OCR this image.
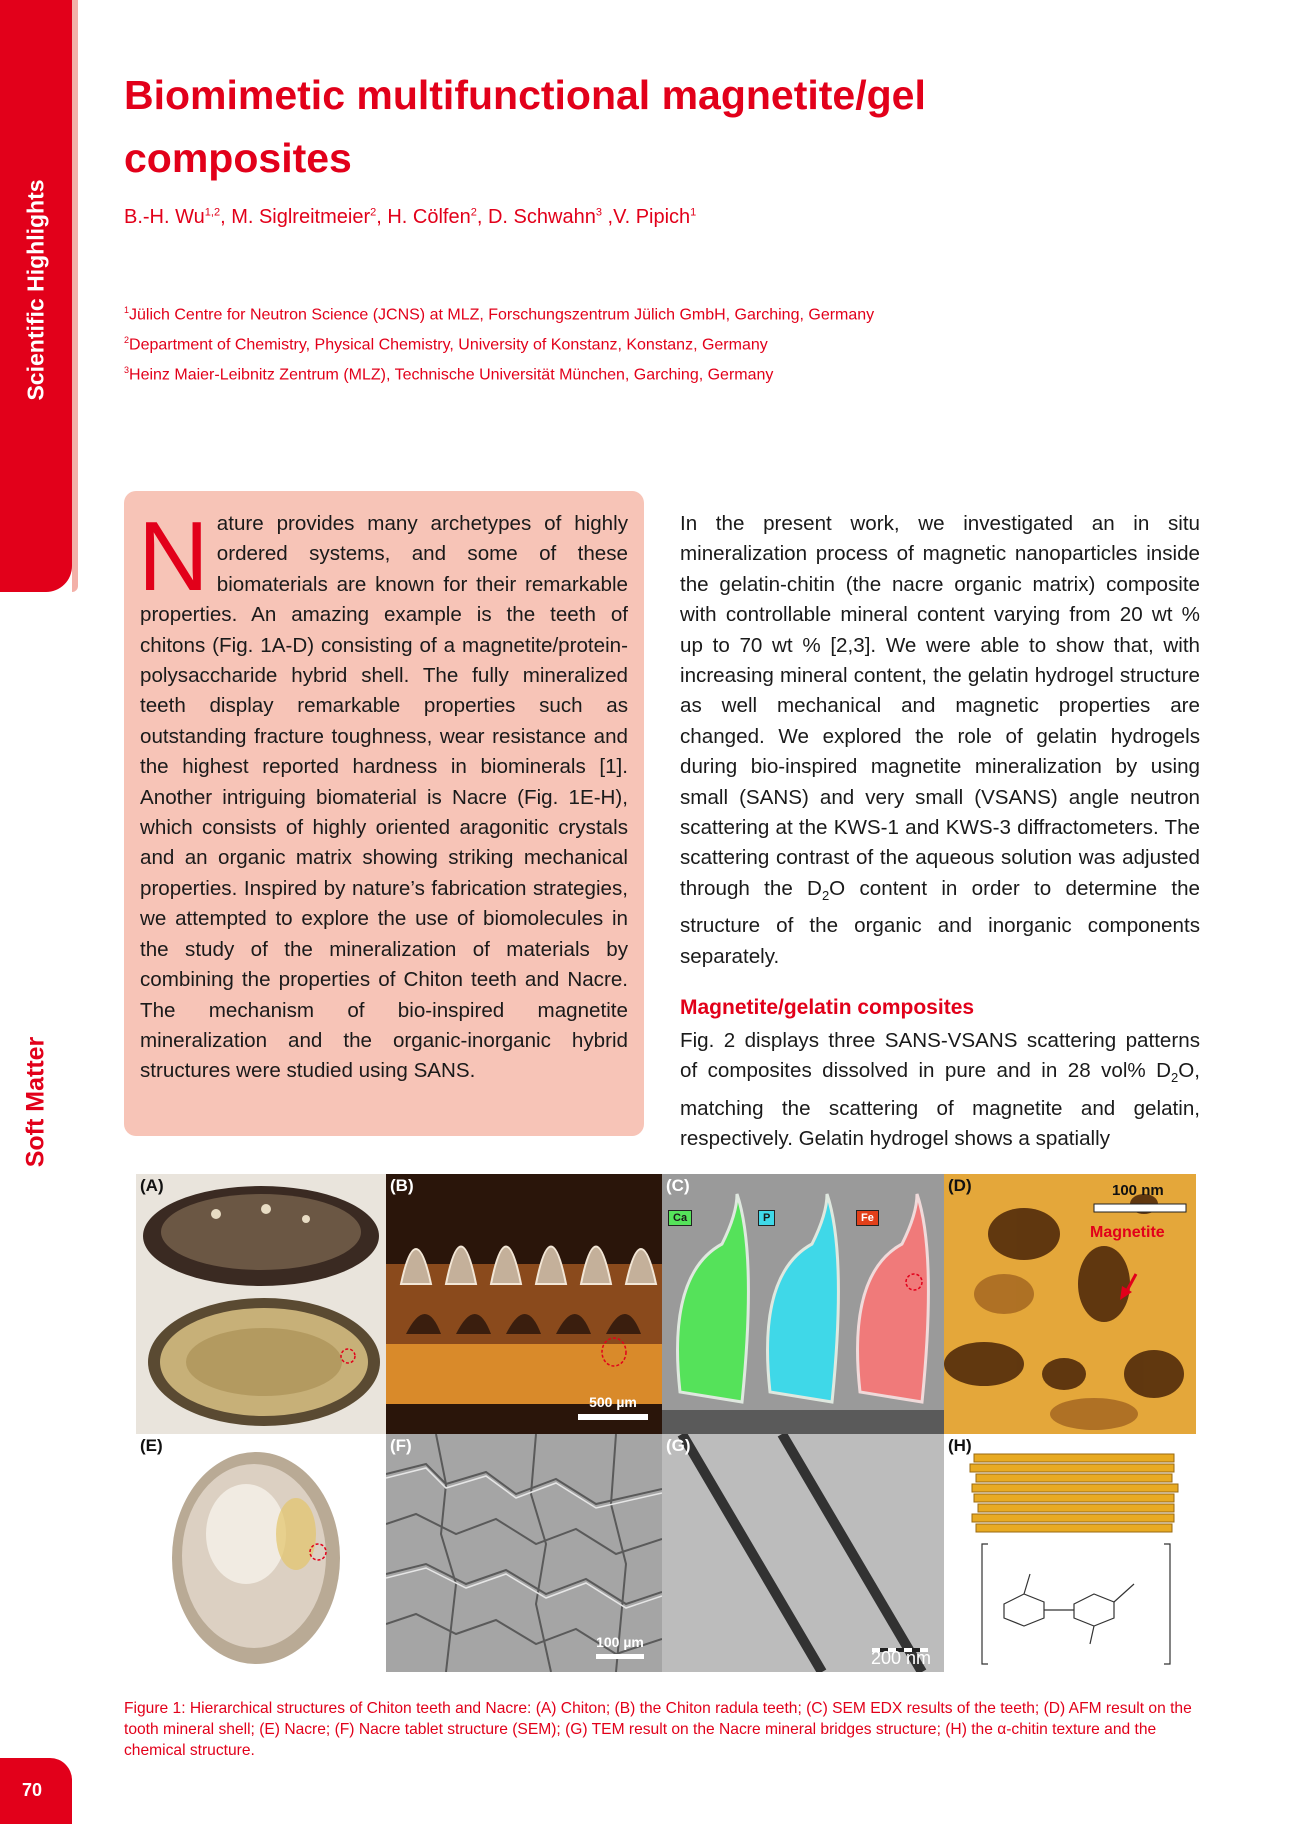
Scientific Highlights
Soft Matter
70
Biomimetic multifunctional magnetite/gel composites
B.-H. Wu$^{1,2}$, M. Siglreitmeier$^2$, H. Cölfen$^2$, D. Schwahn$^3$ ,V. Pipich$^1$
$^1$Jülich Centre for Neutron Science (JCNS) at MLZ, Forschungszentrum Jülich GmbH, Garching, Germany
$^2$Department of Chemistry, Physical Chemistry, University of Konstanz, Konstanz, Germany
$^3$Heinz Maier-Leibnitz Zentrum (MLZ), Technische Universität München, Garching, Germany

Nature provides many archetypes of highly ordered systems, and some of these biomaterials are known for their remarkable properties. An amazing example is the teeth of chitons (Fig. 1A-D) consisting of a magnetite/protein-polysaccharide hybrid shell. The fully mineralized teeth display remarkable properties such as outstanding fracture toughness, wear resistance and the highest reported hardness in biominerals [1]. Another intriguing biomaterial is Nacre (Fig. 1E-H), which consists of highly oriented aragonitic crystals and an organic matrix showing striking mechanical properties. Inspired by nature’s fabrication strategies, we attempted to explore the use of biomolecules in the study of the mineralization of materials by combining the properties of Chiton teeth and Nacre. The mechanism of bio-inspired magnetite mineralization and the organic-inorganic hybrid structures were studied using SANS.

In the present work, we investigated an in situ mineralization process of magnetic nanoparticles inside the gelatin-chitin (the nacre organic matrix) composite with controllable mineral content varying from 20 wt % up to 70 wt % [2,3]. We were able to show that, with increasing mineral content, the gelatin hydrogel structure as well mechanical and magnetic properties are changed. We explored the role of gelatin hydrogels during bio-inspired magnetite mineralization by using small (SANS) and very small (VSANS) angle neutron scattering at the KWS-1 and KWS-3 diffractometers. The scattering contrast of the aqueous solution was adjusted through the $D_2O$ content in order to determine the structure of the organic and inorganic components separately.

Magnetite/gelatin composites

Fig. 2 displays three SANS-VSANS scattering patterns of composites dissolved in pure and in 28 vol% $D_2O$, matching the scattering of magnetite and gelatin, respectively. Gelatin hydrogel shows a spatially

(A)	(B)
500 µm
(C)
Ca	P	Fe
(D)	100 nm
Magnetite
(E)	(F)
100 µm
(G)
200 nm
(H)

Figure 1: Hierarchical structures of Chiton teeth and Nacre: (A) Chiton; (B) the Chiton radula teeth; (C) SEM EDX results of the teeth; (D) AFM result on the tooth mineral shell; (E) Nacre; (F) Nacre tablet structure (SEM); (G) TEM result on the Nacre mineral bridges structure; (H) the α-chitin texture and the chemical structure.
